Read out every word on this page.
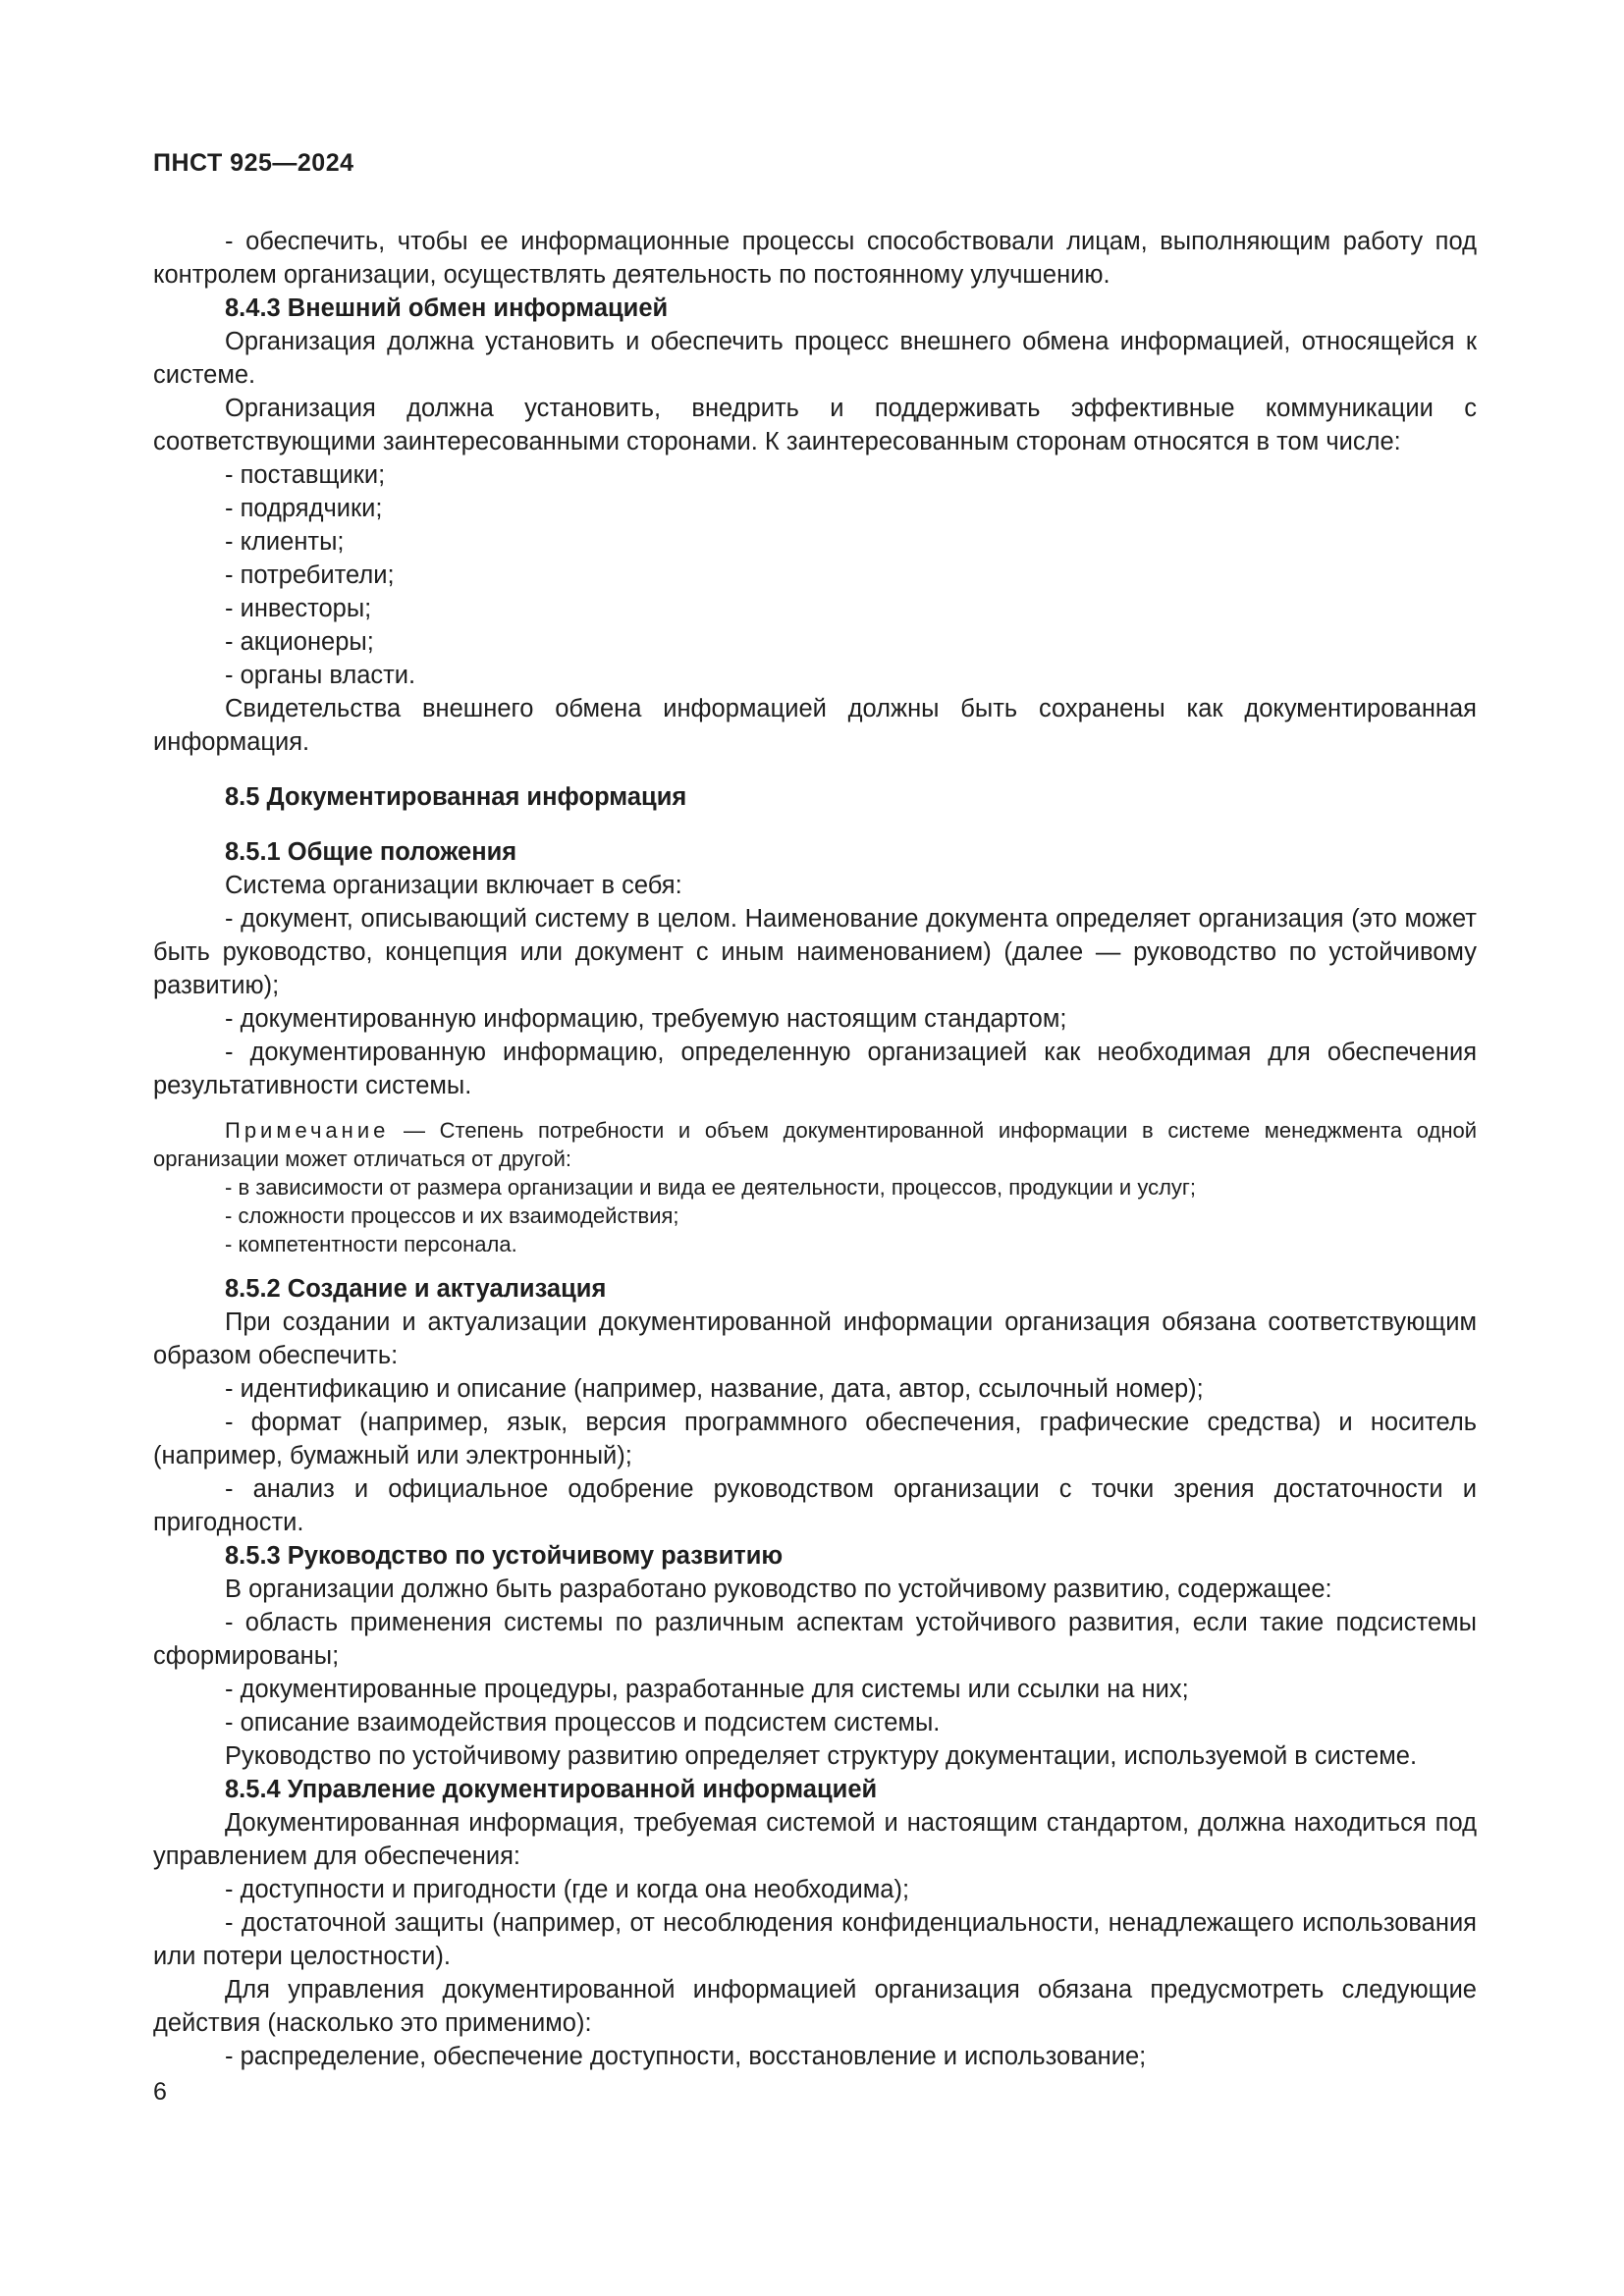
ПНСТ 925—2024

- обеспечить, чтобы ее информационные процессы способствовали лицам, выполняющим работу под контролем организации, осуществлять деятельность по постоянному улучшению.

8.4.3 Внешний обмен информацией

Организация должна установить и обеспечить процесс внешнего обмена информацией, относящейся к системе.

Организация должна установить, внедрить и поддерживать эффективные коммуникации с соответствующими заинтересованными сторонами. К заинтересованным сторонам относятся в том числе:

- поставщики;

- подрядчики;

- клиенты;

- потребители;

- инвесторы;

- акционеры;

- органы власти.

Свидетельства внешнего обмена информацией должны быть сохранены как документированная информация.

8.5 Документированная информация

8.5.1 Общие положения

Система организации включает в себя:

- документ, описывающий систему в целом. Наименование документа определяет организация (это может быть руководство, концепция или документ с иным наименованием) (далее — руководство по устойчивому развитию);

- документированную информацию, требуемую настоящим стандартом;

- документированную информацию, определенную организацией как необходимая для обеспечения результативности системы.

Примечание — Степень потребности и объем документированной информации в системе менеджмента одной организации может отличаться от другой:

- в зависимости от размера организации и вида ее деятельности, процессов, продукции и услуг;

- сложности процессов и их взаимодействия;

- компетентности персонала.

8.5.2 Создание и актуализация

При создании и актуализации документированной информации организация обязана соответствующим образом обеспечить:

- идентификацию и описание (например, название, дата, автор, ссылочный номер);

- формат (например, язык, версия программного обеспечения, графические средства) и носитель (например, бумажный или электронный);

- анализ и официальное одобрение руководством организации с точки зрения достаточности и пригодности.

8.5.3 Руководство по устойчивому развитию

В организации должно быть разработано руководство по устойчивому развитию, содержащее:

- область применения системы по различным аспектам устойчивого развития, если такие подсистемы сформированы;

- документированные процедуры, разработанные для системы или ссылки на них;

- описание взаимодействия процессов и подсистем системы.

Руководство по устойчивому развитию определяет структуру документации, используемой в системе.

8.5.4 Управление документированной информацией

Документированная информация, требуемая системой и настоящим стандартом, должна находиться под управлением для обеспечения:

- доступности и пригодности (где и когда она необходима);

- достаточной защиты (например, от несоблюдения конфиденциальности, ненадлежащего использования или потери целостности).

Для управления документированной информацией организация обязана предусмотреть следующие действия (насколько это применимо):

- распределение, обеспечение доступности, восстановление и использование;

6
